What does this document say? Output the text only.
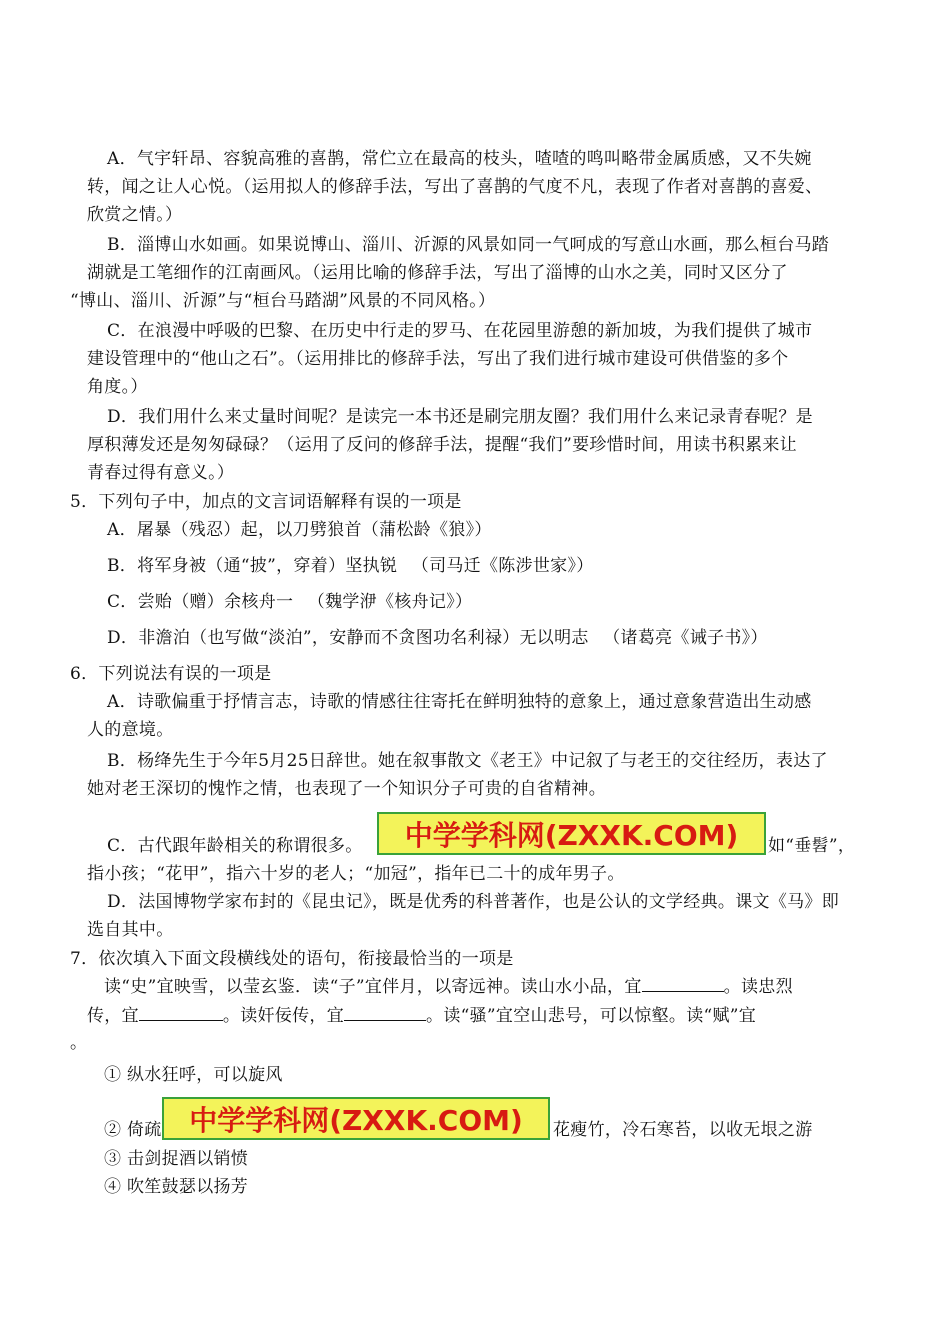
A．气宇轩昂、容貌高雅的喜鹊，常伫立在最高的枝头，喳喳的鸣叫略带金属质感，又不失婉
转，闻之让人心悦。（运用拟人的修辞手法，写出了喜鹊的气度不凡，表现了作者对喜鹊的喜爱、
欣赏之情。）
B．淄博山水如画。如果说博山、淄川、沂源的风景如同一气呵成的写意山水画，那么桓台马踏
湖就是工笔细作的江南画风。（运用比喻的修辞手法，写出了淄博的山水之美，同时又区分了
“博山、淄川、沂源”与“桓台马踏湖”风景的不同风格。）
C．在浪漫中呼吸的巴黎、在历史中行走的罗马、在花园里游憩的新加坡，为我们提供了城市
建设管理中的“他山之石”。（运用排比的修辞手法，写出了我们进行城市建设可供借鉴的多个
角度。）
D．我们用什么来丈量时间呢？是读完一本书还是刷完朋友圈？我们用什么来记录青春呢？是
厚积薄发还是匆匆碌碌？（运用了反问的修辞手法，提醒“我们”要珍惜时间，用读书积累来让
青春过得有意义。）
5．下列句子中，加点的文言词语解释有误的一项是
A．屠暴（残忍）起，以刀劈狼首（蒲松龄《狼》）
B．将军身被（通“披”，穿着）坚执锐 　（司马迁《陈涉世家》）
C．尝贻（赠）余核舟一 　（魏学洢《核舟记》）
D．非澹泊（也写做“淡泊”，安静而不贪图功名利禄）无以明志 　（诸葛亮《诫子书》）
6．下列说法有误的一项是
A．诗歌偏重于抒情言志，诗歌的情感往往寄托在鲜明独特的意象上，通过意象营造出生动感
人的意境。
B．杨绛先生于今年5月25日辞世。她在叙事散文《老王》中记叙了与老王的交往经历，表达了
她对老王深切的愧怍之情，也表现了一个知识分子可贵的自省精神。
C．古代跟年龄相关的称谓很多。	中学学科网(ZXXK.COM)	如“垂髫”，
指小孩；“花甲”，指六十岁的老人；“加冠”，指年已二十的成年男子。
D．法国博物学家布封的《昆虫记》，既是优秀的科普著作，也是公认的文学经典。课文《马》即
选自其中。
7．依次填入下面文段横线处的语句，衔接最恰当的一项是
读“史”宜映雪，以莹玄鉴．读“子”宜伴月，以寄远神。读山水小品，宜	。读忠烈
传，宜	。读奸佞传，宜	。读“骚”宜空山悲号，可以惊壑。读“赋”宜
。
① 纵水狂呼，可以旋风
② 倚疏 中学学科网(ZXXK.COM)	花瘦竹，冷石寒苔，以收无垠之游
③ 击剑捉酒以销愤
④ 吹笙鼓瑟以扬芳
